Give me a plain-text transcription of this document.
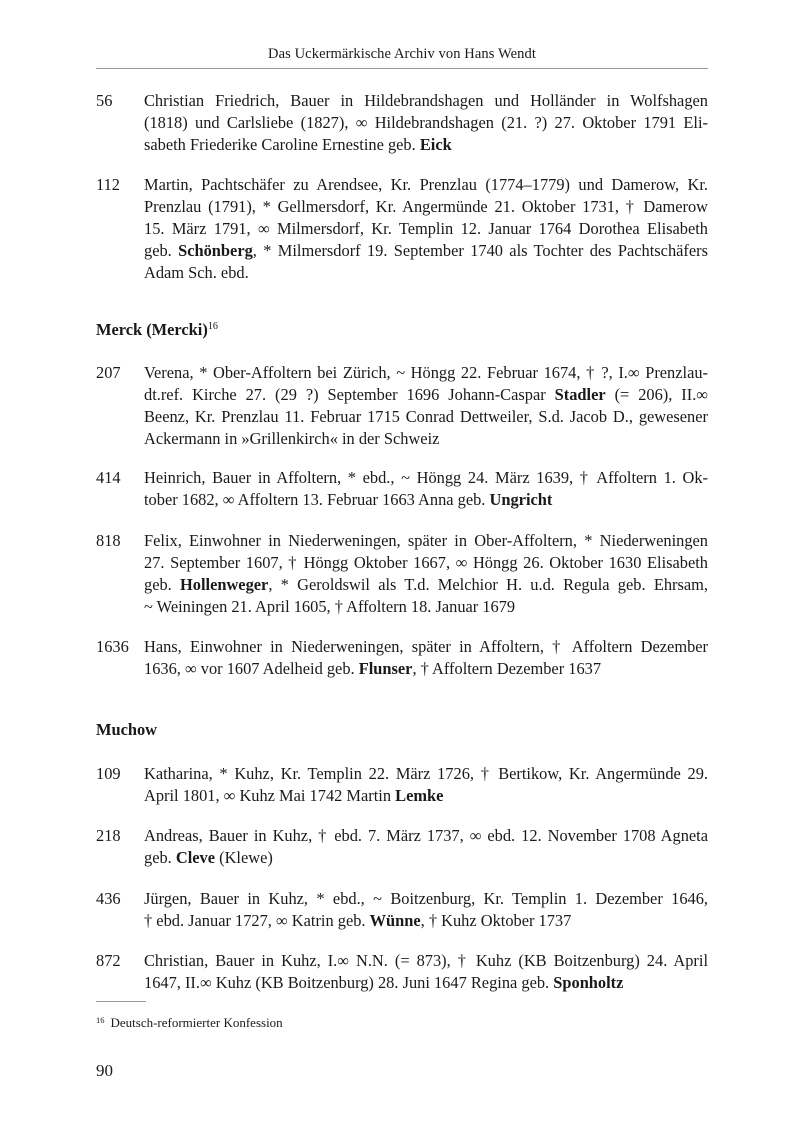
Das Uckermärkische Archiv von Hans Wendt
56 Christian Friedrich, Bauer in Hildebrandshagen und Holländer in Wolfshagen
(1818) und Carlsliebe (1827), ∞ Hildebrandshagen (21. ?) 27. Oktober 1791 Eli-
sabeth Friederike Caroline Ernestine geb. Eick
112 Martin, Pachtschäfer zu Arendsee, Kr. Prenzlau (1774–1779) und Damerow, Kr.
Prenzlau (1791), * Gellmersdorf, Kr. Angermünde 21. Oktober 1731, † Damerow
15. März 1791, ∞ Milmersdorf, Kr. Templin 12. Januar 1764 Dorothea Elisabeth
geb. Schönberg, * Milmersdorf 19. September 1740 als Tochter des Pachtschäfers
Adam Sch. ebd.
Merck (Mercki)$^{16}$
207 Verena, * Ober-Affoltern bei Zürich, ~ Höngg 22. Februar 1674, † ?, I.∞ Prenzlau-
dt.ref. Kirche 27. (29 ?) September 1696 Johann-Caspar Stadler (= 206), II.∞
Beenz, Kr. Prenzlau 11. Februar 1715 Conrad Dettweiler, S.d. Jacob D., gewesener
Ackermann in »Grillenkirch« in der Schweiz
414 Heinrich, Bauer in Affoltern, * ebd., ~ Höngg 24. März 1639, † Affoltern 1. Ok-
tober 1682, ∞ Affoltern 13. Februar 1663 Anna geb. Ungricht
818 Felix, Einwohner in Niederweningen, später in Ober-Affoltern, * Niederweningen
27. September 1607, † Höngg Oktober 1667, ∞ Höngg 26. Oktober 1630 Elisabeth
geb. Hollenweger, * Geroldswil als T.d. Melchior H. u.d. Regula geb. Ehrsam,
~ Weiningen 21. April 1605, † Affoltern 18. Januar 1679
1636 Hans, Einwohner in Niederweningen, später in Affoltern, † Affoltern Dezember
1636, ∞ vor 1607 Adelheid geb. Flunser, † Affoltern Dezember 1637
Muchow
109 Katharina, * Kuhz, Kr. Templin 22. März 1726, † Bertikow, Kr. Angermünde 29.
April 1801, ∞ Kuhz Mai 1742 Martin Lemke
218 Andreas, Bauer in Kuhz, † ebd. 7. März 1737, ∞ ebd. 12. November 1708 Agneta
geb. Cleve (Klewe)
436 Jürgen, Bauer in Kuhz, * ebd., ~ Boitzenburg, Kr. Templin 1. Dezember 1646,
† ebd. Januar 1727, ∞ Katrin geb. Wünne, † Kuhz Oktober 1737
872 Christian, Bauer in Kuhz, I.∞ N.N. (= 873), † Kuhz (KB Boitzenburg) 24. April
1647, II.∞ Kuhz (KB Boitzenburg) 28. Juni 1647 Regina geb. Sponholtz
$^{16}$ Deutsch-reformierter Konfession
90
